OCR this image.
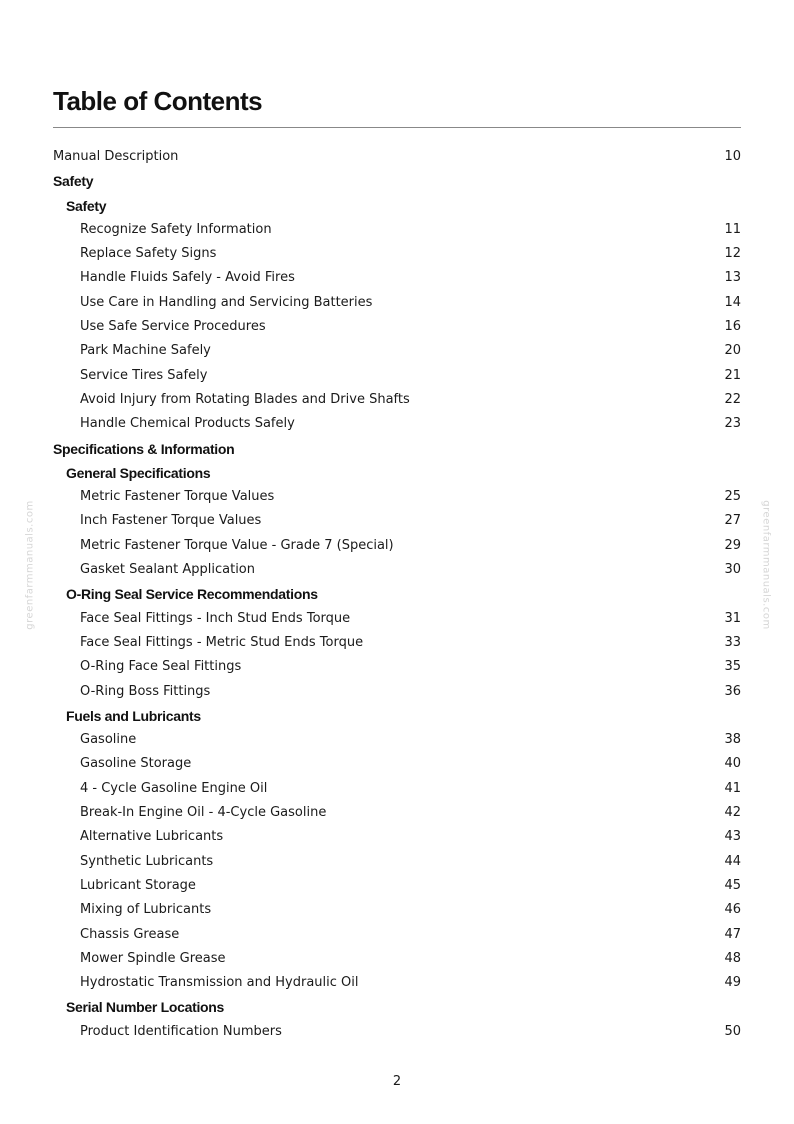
Table of Contents
Manual Description	10
Safety
Safety
Recognize Safety Information	11
Replace Safety Signs	12
Handle Fluids Safely - Avoid Fires	13
Use Care in Handling and Servicing Batteries	14
Use Safe Service Procedures	16
Park Machine Safely	20
Service Tires Safely	21
Avoid Injury from Rotating Blades and Drive Shafts	22
Handle Chemical Products Safely	23
Specifications & Information
General Specifications
Metric Fastener Torque Values	25
Inch Fastener Torque Values	27
Metric Fastener Torque Value - Grade 7 (Special)	29
Gasket Sealant Application	30
O-Ring Seal Service Recommendations
Face Seal Fittings - Inch Stud Ends Torque	31
Face Seal Fittings - Metric Stud Ends Torque	33
O-Ring Face Seal Fittings	35
O-Ring Boss Fittings	36
Fuels and Lubricants
Gasoline	38
Gasoline Storage	40
4 - Cycle Gasoline Engine Oil	41
Break-In Engine Oil - 4-Cycle Gasoline	42
Alternative Lubricants	43
Synthetic Lubricants	44
Lubricant Storage	45
Mixing of Lubricants	46
Chassis Grease	47
Mower Spindle Grease	48
Hydrostatic Transmission and Hydraulic Oil	49
Serial Number Locations
Product Identification Numbers	50
greenfarmmanuals.com	greenfarmmanuals.com
2
